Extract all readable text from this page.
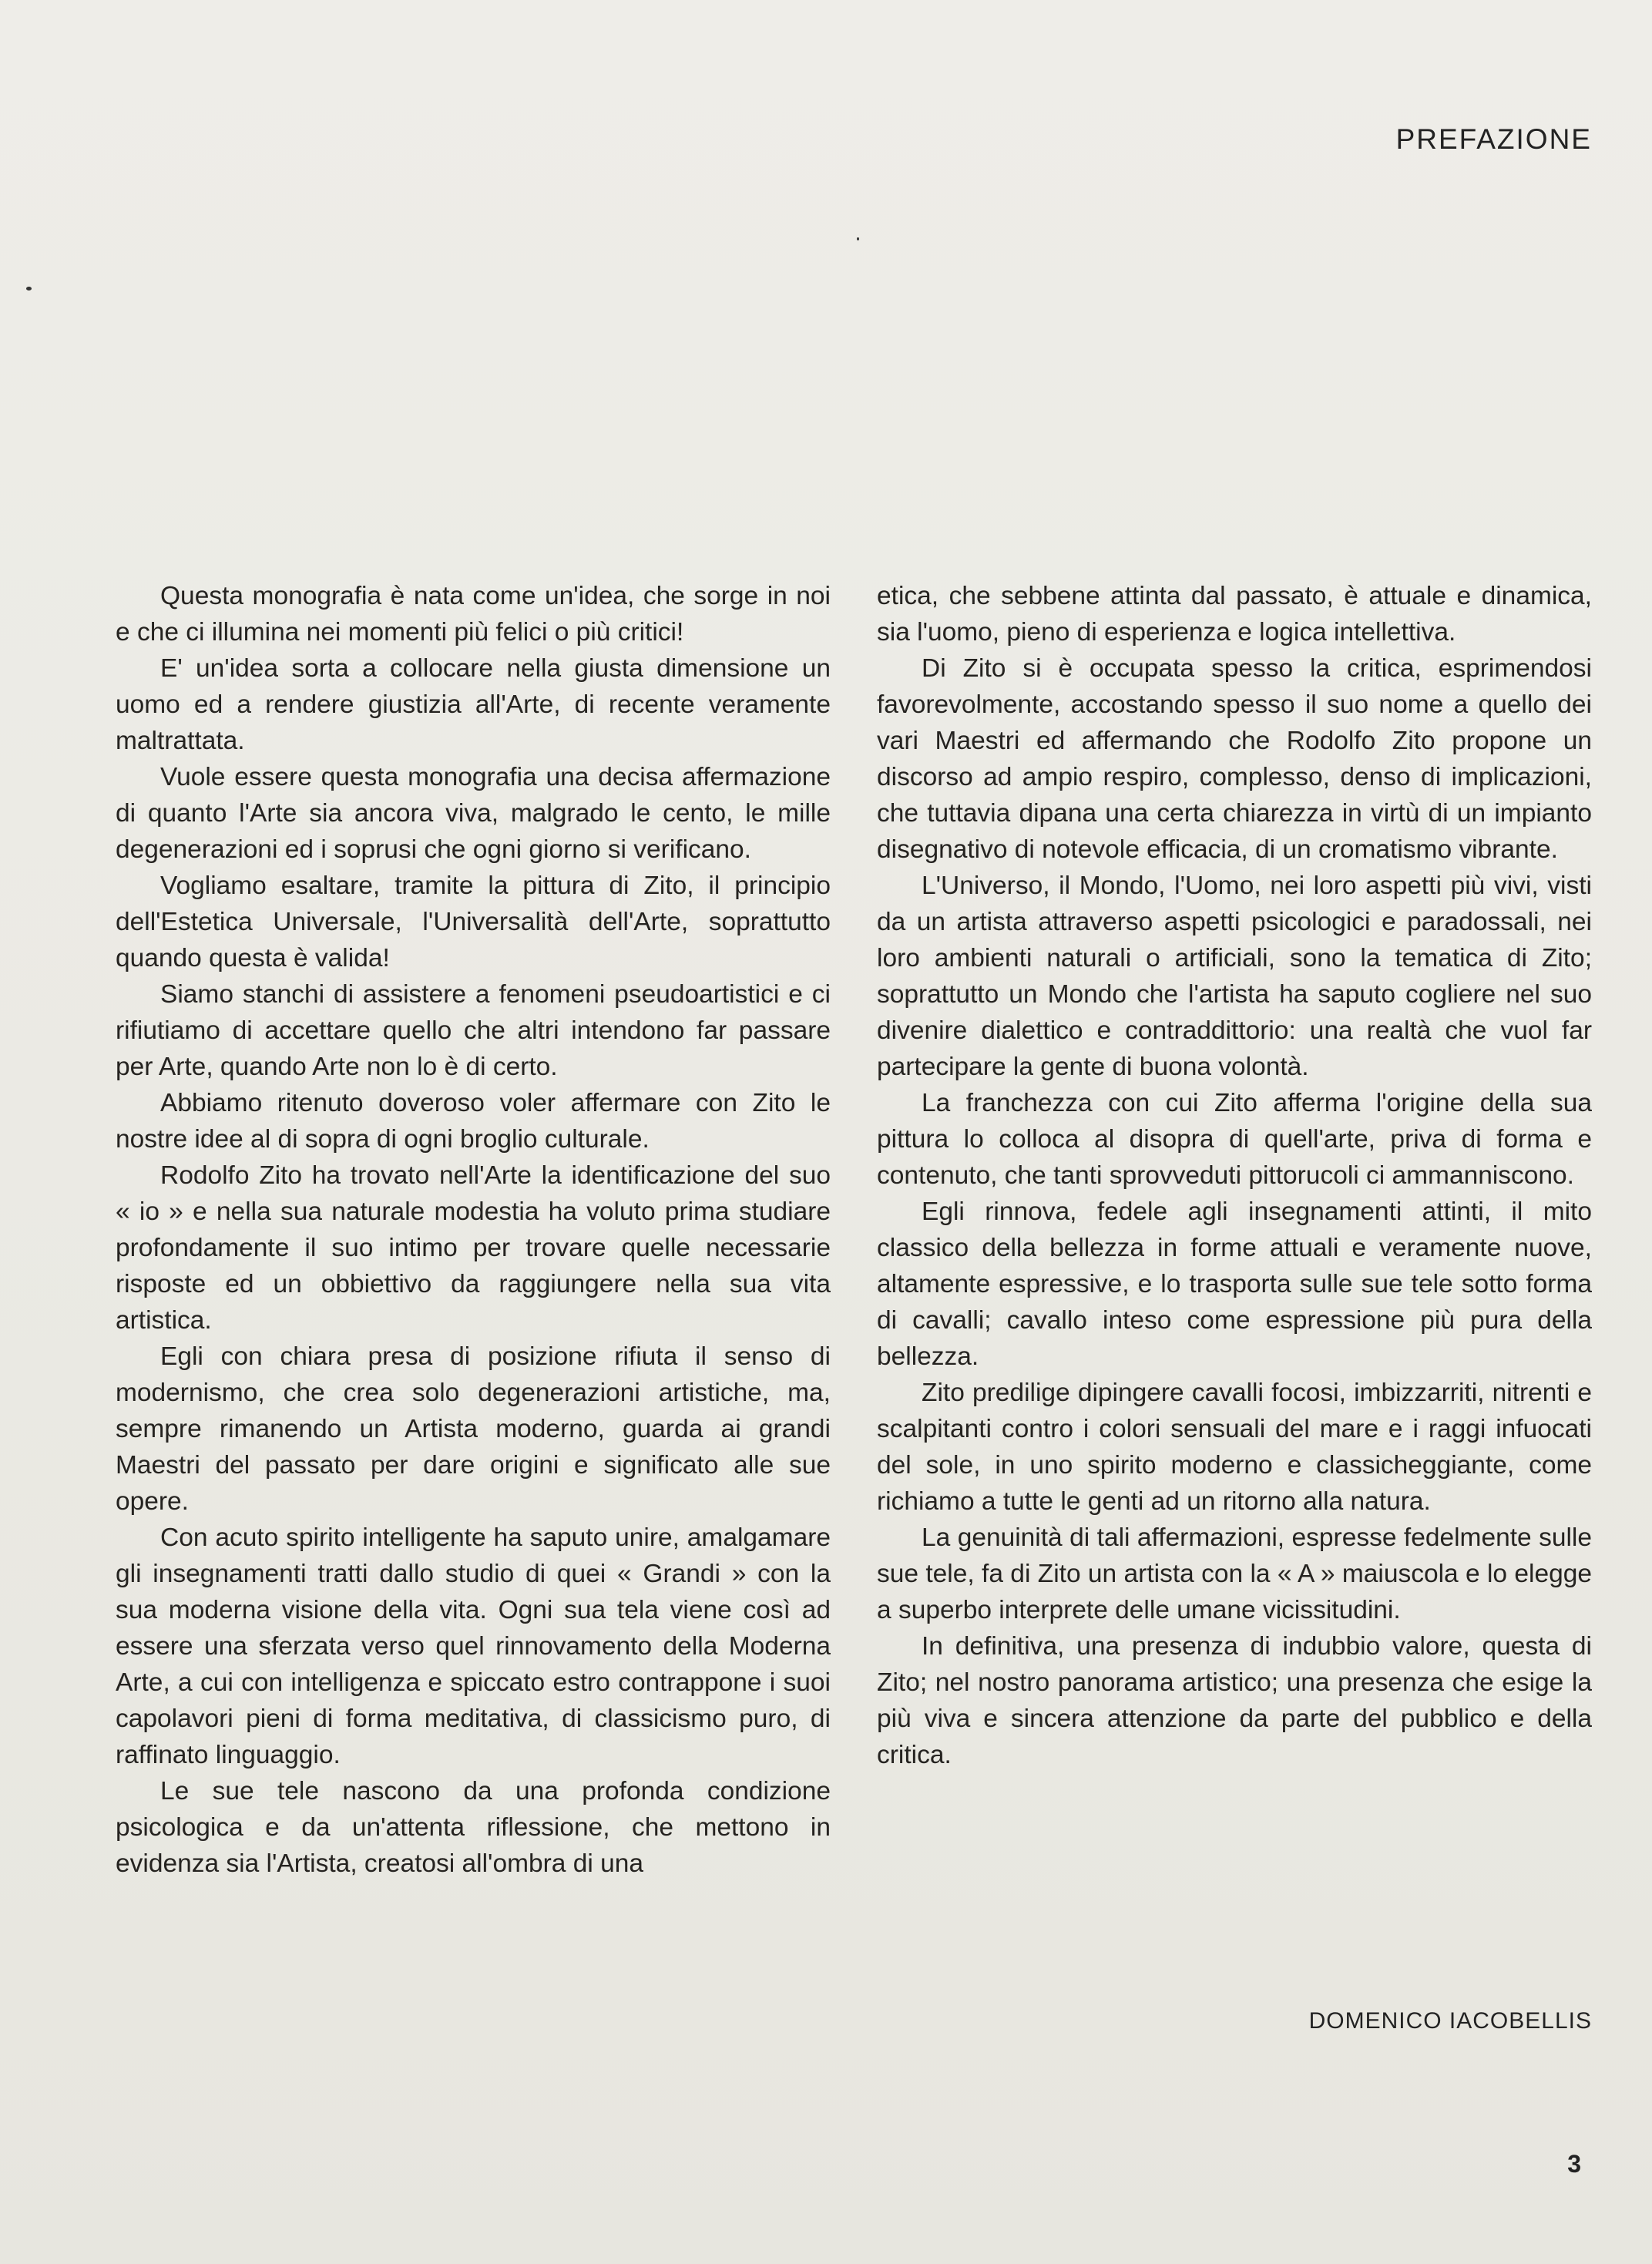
PREFAZIONE

Questa monografia è nata come un'idea, che sorge in noi e che ci illumina nei momenti più felici o più critici!

E' un'idea sorta a collocare nella giusta dimensione un uomo ed a rendere giustizia all'Arte, di recente veramente maltrattata.

Vuole essere questa monografia una decisa affermazione di quanto l'Arte sia ancora viva, malgrado le cento, le mille degenerazioni ed i soprusi che ogni giorno si verificano.

Vogliamo esaltare, tramite la pittura di Zito, il principio dell'Estetica Universale, l'Universalità dell'Arte, soprattutto quando questa è valida!

Siamo stanchi di assistere a fenomeni pseudoartistici e ci rifiutiamo di accettare quello che altri intendono far passare per Arte, quando Arte non lo è di certo.

Abbiamo ritenuto doveroso voler affermare con Zito le nostre idee al di sopra di ogni broglio culturale.

Rodolfo Zito ha trovato nell'Arte la identificazione del suo « io » e nella sua naturale modestia ha voluto prima studiare profondamente il suo intimo per trovare quelle necessarie risposte ed un obbiettivo da raggiungere nella sua vita artistica.

Egli con chiara presa di posizione rifiuta il senso di modernismo, che crea solo degenerazioni artistiche, ma, sempre rimanendo un Artista moderno, guarda ai grandi Maestri del passato per dare origini e significato alle sue opere.

Con acuto spirito intelligente ha saputo unire, amalgamare gli insegnamenti tratti dallo studio di quei « Grandi » con la sua moderna visione della vita. Ogni sua tela viene così ad essere una sferzata verso quel rinnovamento della Moderna Arte, a cui con intelligenza e spiccato estro contrappone i suoi capolavori pieni di forma meditativa, di classicismo puro, di raffinato linguaggio.

Le sue tele nascono da una profonda condizione psicologica e da un'attenta riflessione, che mettono in evidenza sia l'Artista, creatosi all'ombra di una

etica, che sebbene attinta dal passato, è attuale e dinamica, sia l'uomo, pieno di esperienza e logica intellettiva.

Di Zito si è occupata spesso la critica, esprimendosi favorevolmente, accostando spesso il suo nome a quello dei vari Maestri ed affermando che Rodolfo Zito propone un discorso ad ampio respiro, complesso, denso di implicazioni, che tuttavia dipana una certa chiarezza in virtù di un impianto disegnativo di notevole efficacia, di un cromatismo vibrante.

L'Universo, il Mondo, l'Uomo, nei loro aspetti più vivi, visti da un artista attraverso aspetti psicologici e paradossali, nei loro ambienti naturali o artificiali, sono la tematica di Zito; soprattutto un Mondo che l'artista ha saputo cogliere nel suo divenire dialettico e contraddittorio: una realtà che vuol far partecipare la gente di buona volontà.

La franchezza con cui Zito afferma l'origine della sua pittura lo colloca al disopra di quell'arte, priva di forma e contenuto, che tanti sprovveduti pittorucoli ci ammanniscono.

Egli rinnova, fedele agli insegnamenti attinti, il mito classico della bellezza in forme attuali e veramente nuove, altamente espressive, e lo trasporta sulle sue tele sotto forma di cavalli; cavallo inteso come espressione più pura della bellezza.

Zito predilige dipingere cavalli focosi, imbizzarriti, nitrenti e scalpitanti contro i colori sensuali del mare e i raggi infuocati del sole, in uno spirito moderno e classicheggiante, come richiamo a tutte le genti ad un ritorno alla natura.

La genuinità di tali affermazioni, espresse fedelmente sulle sue tele, fa di Zito un artista con la « A » maiuscola e lo elegge a superbo interprete delle umane vicissitudini.

In definitiva, una presenza di indubbio valore, questa di Zito; nel nostro panorama artistico; una presenza che esige la più viva e sincera attenzione da parte del pubblico e della critica.

DOMENICO IACOBELLIS
3
